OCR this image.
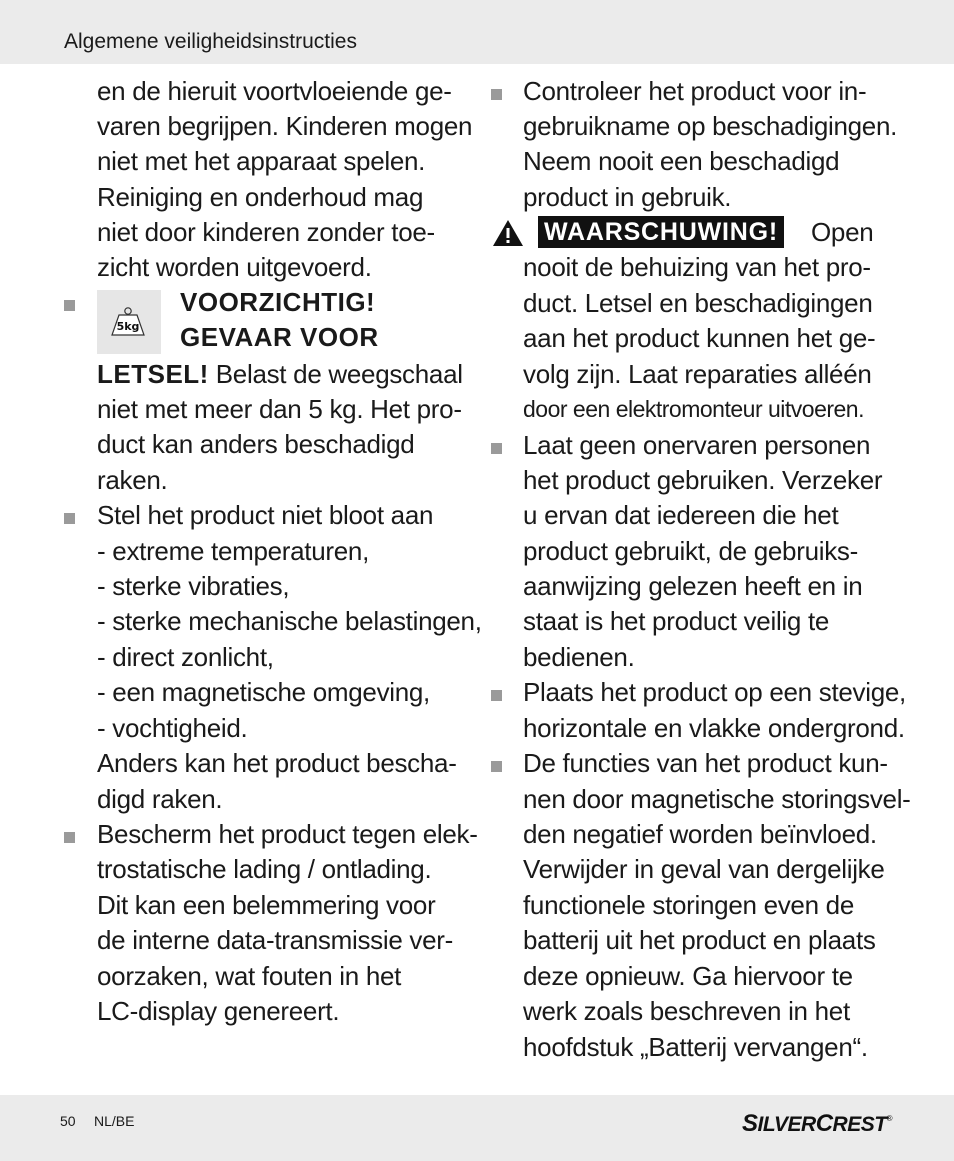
Algemene veiligheidsinstructies
en de hieruit voortvloeiende ge-
varen begrijpen. Kinderen mogen
niet met het apparaat spelen.
Reiniging en onderhoud mag
niet door kinderen zonder toe-
zicht worden uitgevoerd.
5kg
VOORZICHTIG!
GEVAAR VOOR
LETSEL! Belast de weegschaal
niet met meer dan 5 kg. Het pro-
duct kan anders beschadigd
raken.
Stel het product niet bloot aan
- extreme temperaturen,
- sterke vibraties,
- sterke mechanische belastingen,
- direct zonlicht,
- een magnetische omgeving,
- vochtigheid.
Anders kan het product bescha-
digd raken.
Bescherm het product tegen elek-
trostatische lading / ontlading.
Dit kan een belemmering voor
de interne data-transmissie ver-
oorzaken, wat fouten in het
LC-display genereert.
Controleer het product voor in-
gebruikname op beschadigingen.
Neem nooit een beschadigd
product in gebruik.
WAARSCHUWING! Open
nooit de behuizing van het pro-
duct. Letsel en beschadigingen
aan het product kunnen het ge-
volg zijn. Laat reparaties alléén
door een elektromonteur uitvoeren.
Laat geen onervaren personen
het product gebruiken. Verzeker
u ervan dat iedereen die het
product gebruikt, de gebruiks-
aanwijzing gelezen heeft en in
staat is het product veilig te
bedienen.
Plaats het product op een stevige,
horizontale en vlakke ondergrond.
De functies van het product kun-
nen door magnetische storingsvel-
den negatief worden beïnvloed.
Verwijder in geval van dergelijke
functionele storingen even de
batterij uit het product en plaats
deze opnieuw. Ga hiervoor te
werk zoals beschreven in het
hoofdstuk „Batterij vervangen“.
50 NL/BE	SILVERCREST®
